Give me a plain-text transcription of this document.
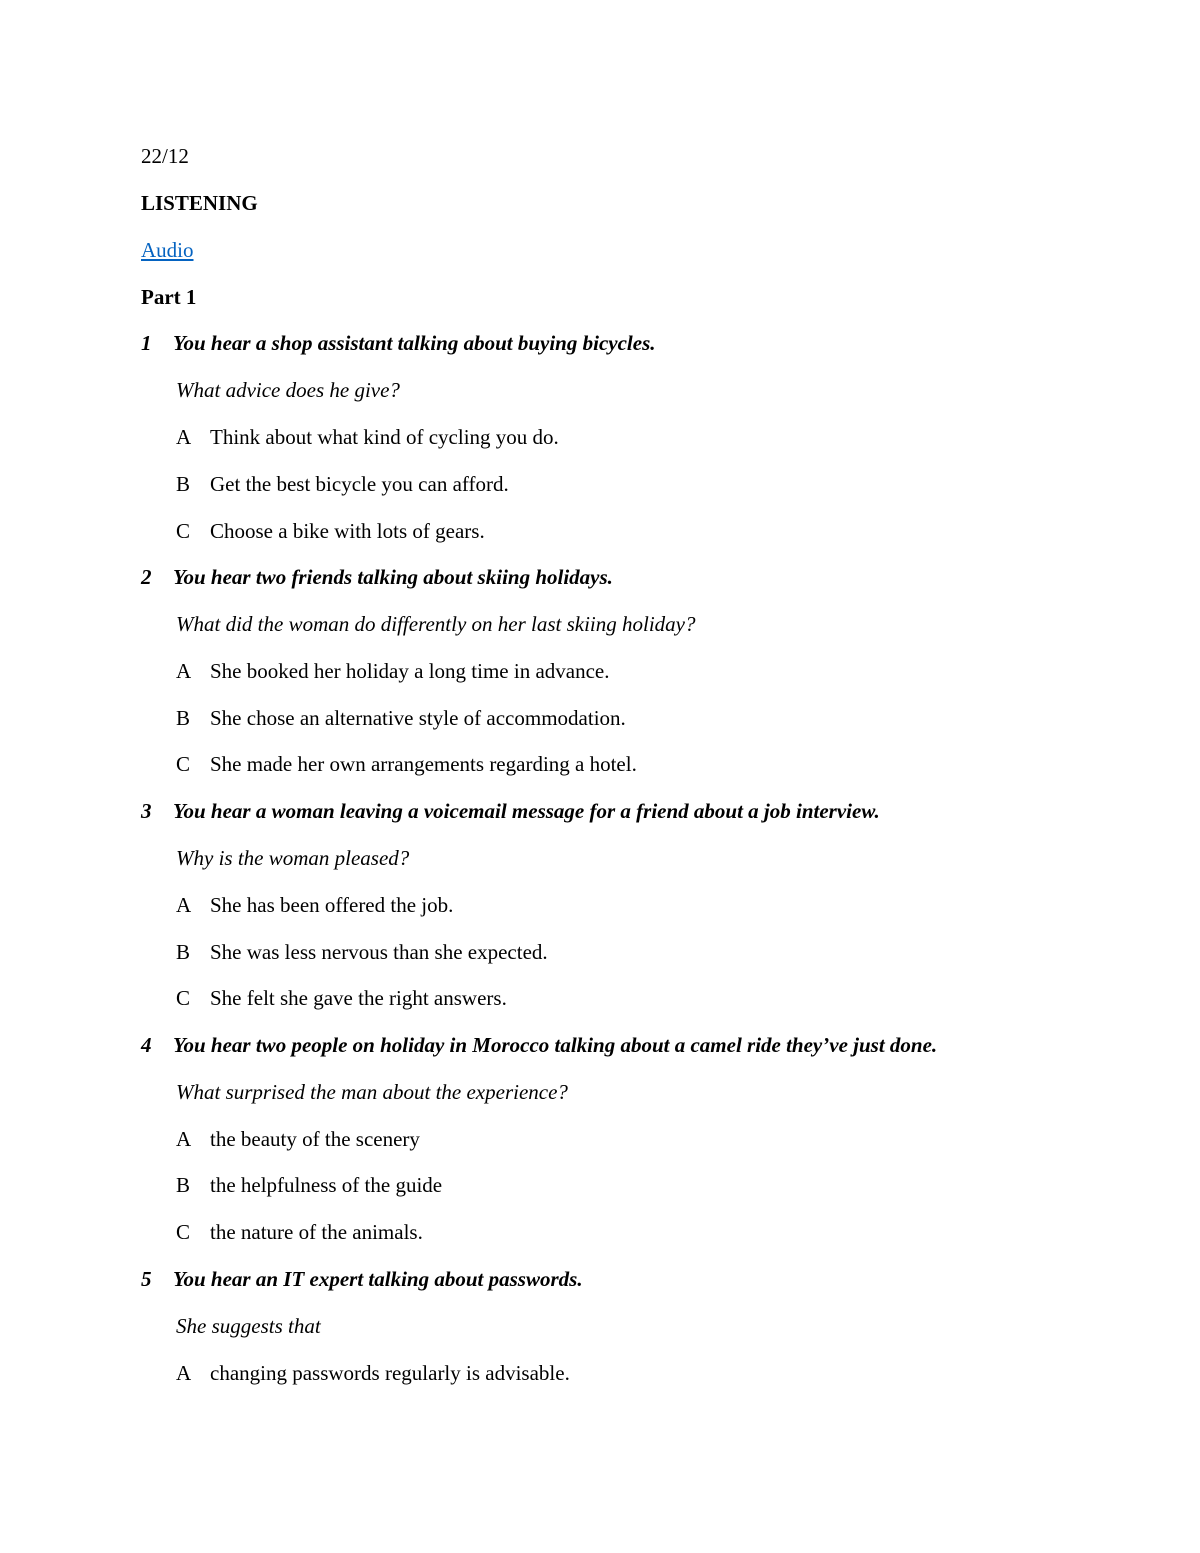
22/12
LISTENING
Audio
Part 1
1 You hear a shop assistant talking about buying bicycles.
What advice does he give?
A Think about what kind of cycling you do.
B Get the best bicycle you can afford.
C Choose a bike with lots of gears.
2 You hear two friends talking about skiing holidays.
What did the woman do differently on her last skiing holiday?
A She booked her holiday a long time in advance.
B She chose an alternative style of accommodation.
C She made her own arrangements regarding a hotel.
3 You hear a woman leaving a voicemail message for a friend about a job interview.
Why is the woman pleased?
A She has been offered the job.
B She was less nervous than she expected.
C She felt she gave the right answers.
4 You hear two people on holiday in Morocco talking about a camel ride they’ve just done.
What surprised the man about the experience?
A the beauty of the scenery
B the helpfulness of the guide
C the nature of the animals.
5 You hear an IT expert talking about passwords.
She suggests that
A changing passwords regularly is advisable.
